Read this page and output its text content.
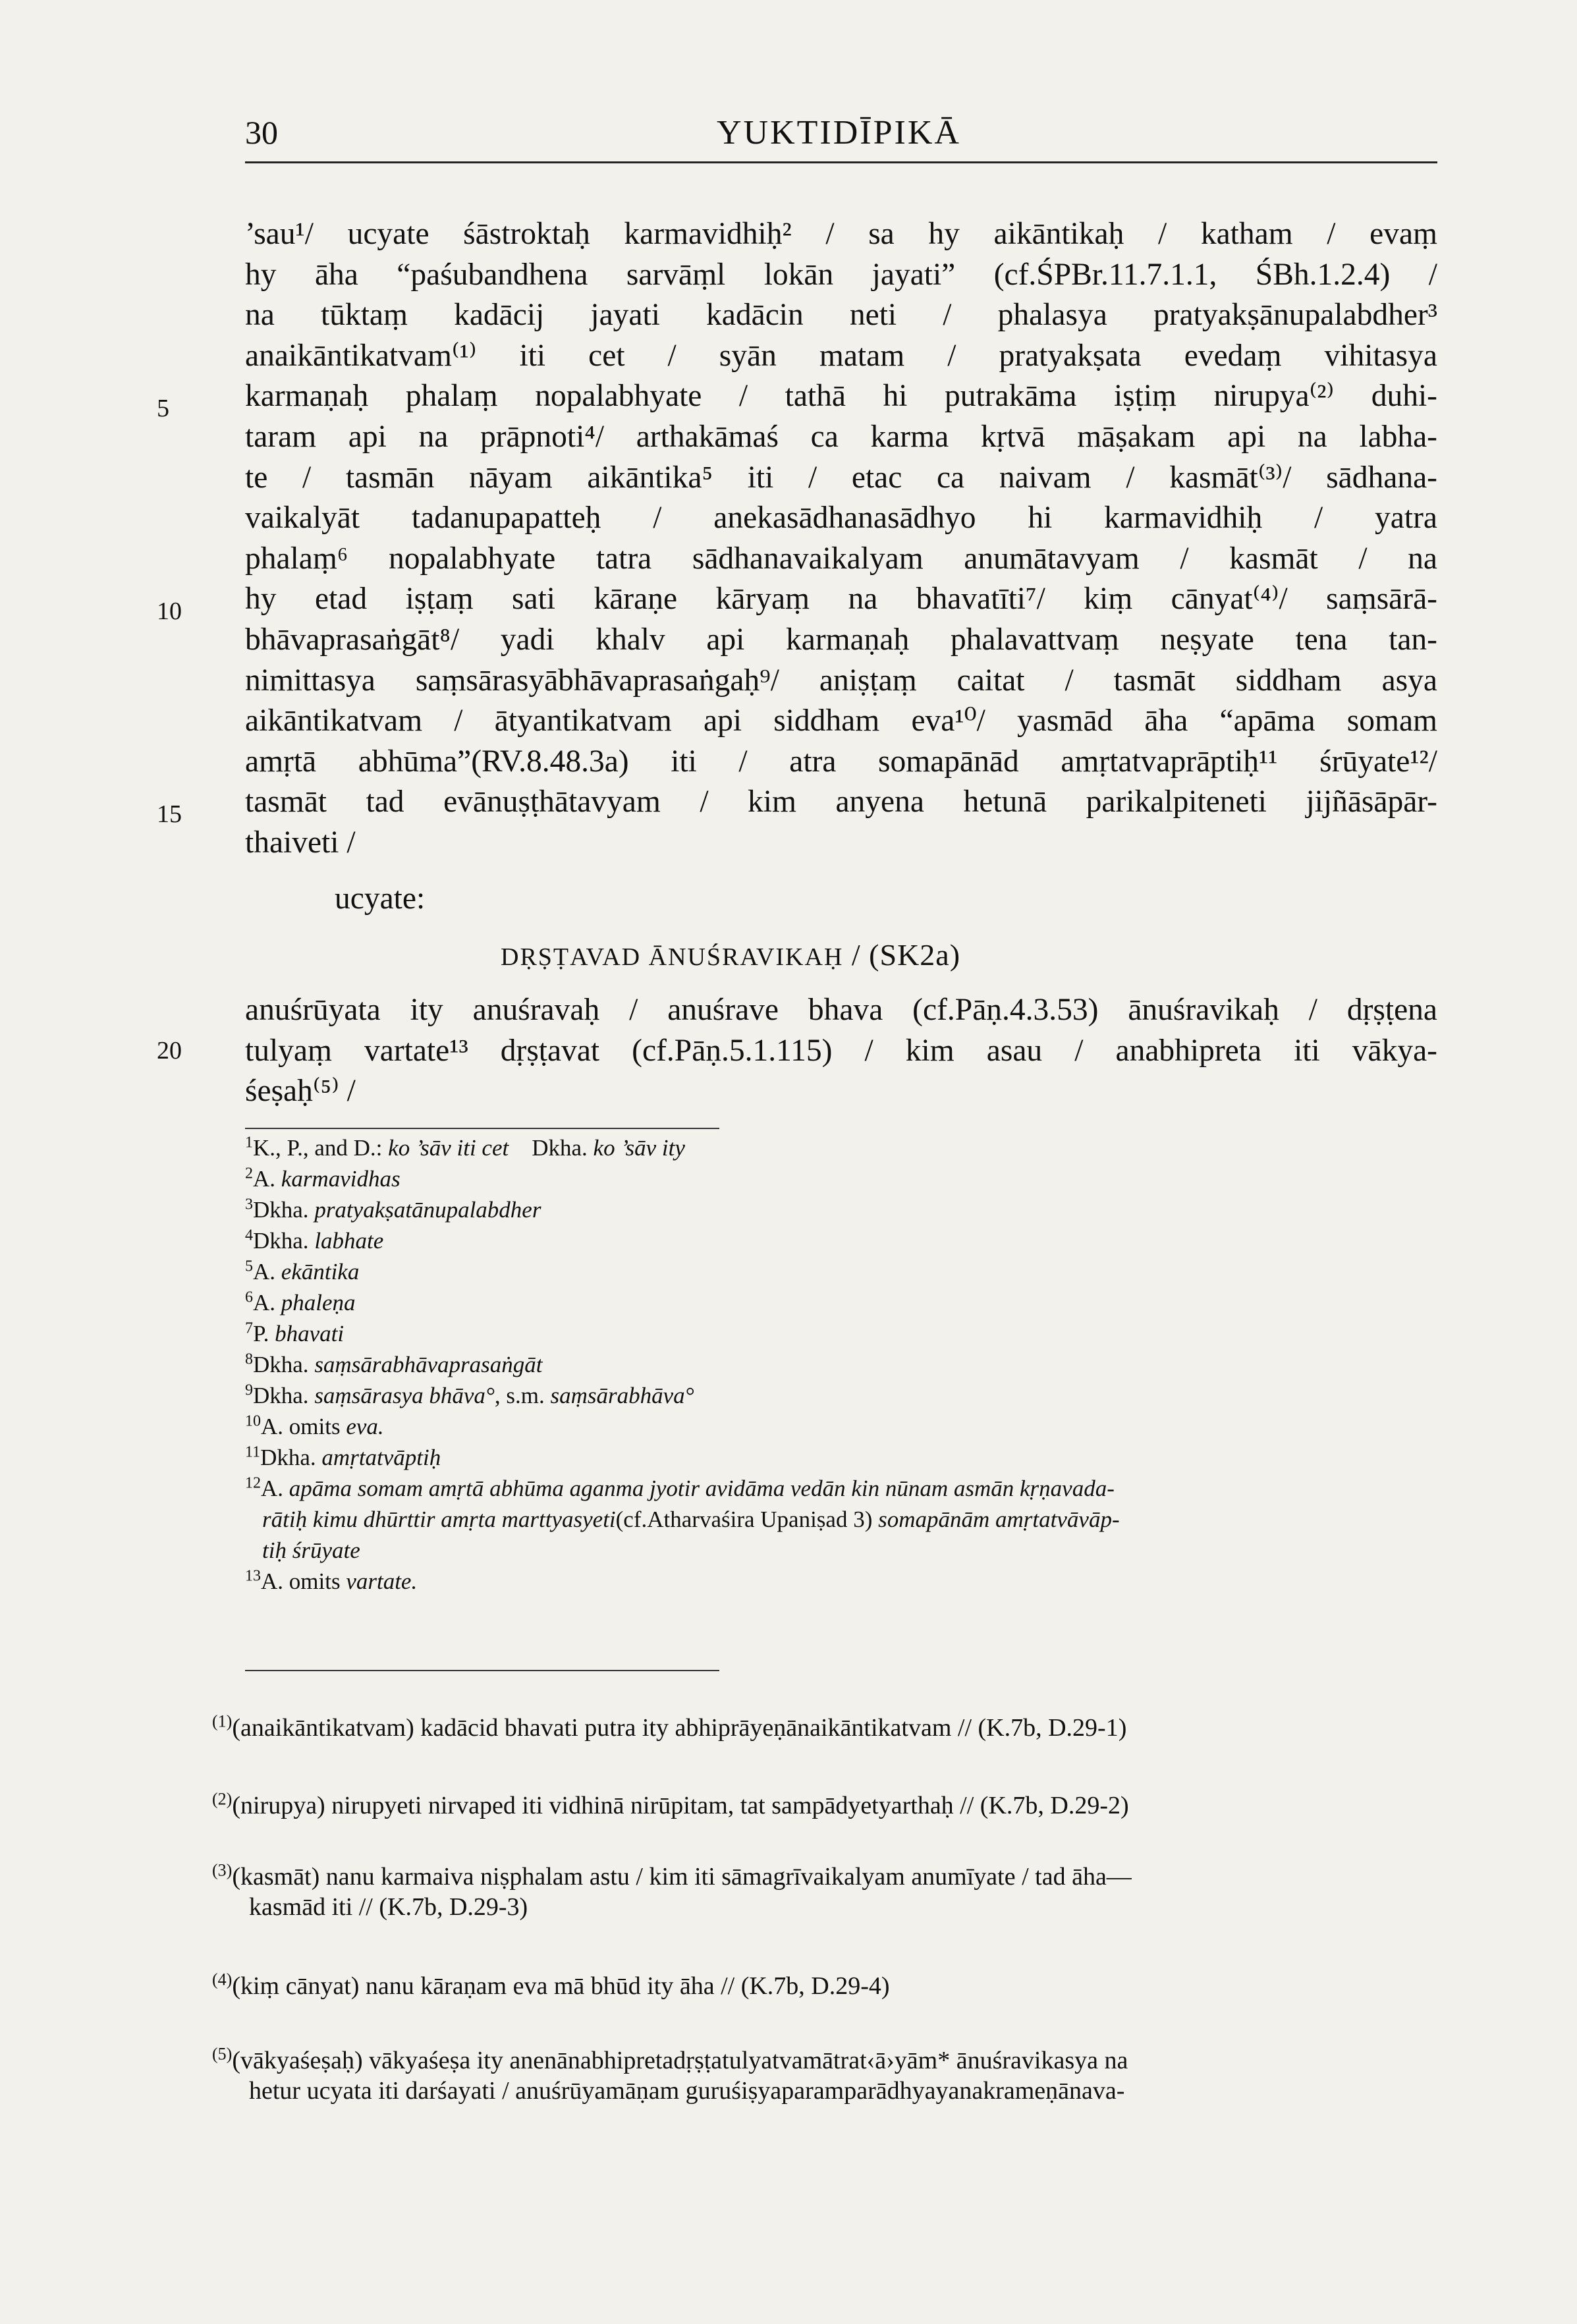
30	YUKTIDĪPIKĀ
’sau¹/ ucyate śāstroktaḥ karmavidhiḥ² / sa hy aikāntikaḥ / katham / evaṃ
hy āha “paśubandhena sarvāṃl lokān jayati” (cf.ŚPBr.11.7.1.1, ŚBh.1.2.4) /
na tūktaṃ kadācij jayati kadācin neti / phalasya pratyakṣānupalabdher³
anaikāntikatvam⁽¹⁾ iti cet / syān matam / pratyakṣata evedaṃ vihitasya
karmaṇaḥ phalaṃ nopalabhyate / tathā hi putrakāma iṣṭiṃ nirupya⁽²⁾ duhi-
taram api na prāpnoti⁴/ arthakāmaś ca karma kṛtvā māṣakam api na labha-
te / tasmān nāyam aikāntika⁵ iti / etac ca naivam / kasmāt⁽³⁾/ sādhana-
vaikalyāt tadanupapatteḥ / anekasādhanasādhyo hi karmavidhiḥ / yatra
phalaṃ⁶ nopalabhyate tatra sādhanavaikalyam anumātavyam / kasmāt / na
hy etad iṣṭaṃ sati kāraṇe kāryaṃ na bhavatīti⁷/ kiṃ cānyat⁽⁴⁾/ saṃsārā-
bhāvaprasaṅgāt⁸/ yadi khalv api karmaṇaḥ phalavattvaṃ neṣyate tena tan-
nimittasya saṃsārasyābhāvaprasaṅgaḥ⁹/ aniṣṭaṃ caitat / tasmāt siddham asya
aikāntikatvam / ātyantikatvam api siddham eva¹⁰/ yasmād āha “apāma somam
amṛtā abhūma”(RV.8.48.3a) iti / atra somapānād amṛtatvaprāptiḥ¹¹ śrūyate¹²/
tasmāt tad evānuṣṭhātavyam / kim anyena hetunā parikalpiteneti jijñāsāpār-
thaiveti /
5
10
15
20
ucyate:
DṚṢṬAVAD ĀNUŚRAVIKAḤ / (SK2a)
anuśrūyata ity anuśravaḥ / anuśrave bhava (cf.Pāṇ.4.3.53) ānuśravikaḥ / dṛṣṭena
tulyaṃ vartate¹³ dṛṣṭavat (cf.Pāṇ.5.1.115) / kim asau / anabhipreta iti vākya-
śeṣaḥ⁽⁵⁾ /
$^1$K., P., and D.: ko ’sāv iti cet    Dkha. ko ’sāv ity
$^2$A. karmavidhas
$^3$Dkha. pratyakṣatānupalabdher
$^4$Dkha. labhate
$^5$A. ekāntika
$^6$A. phaleṇa
$^7$P. bhavati
$^8$Dkha. saṃsārabhāvaprasaṅgāt
$^9$Dkha. saṃsārasya bhāva°, s.m. saṃsārabhāva°
$^{10}$A. omits eva.
$^{11}$Dkha. amṛtatvāptiḥ
$^{12}$A. apāma somam amṛtā abhūma aganma jyotir avidāma vedān kin nūnam asmān kṛṇavada-
rātiḥ kimu dhūrttir amṛta marttyasyeti(cf.Atharvaśira Upaniṣad 3) somapānām amṛtatvāvāp-
tiḥ śrūyate
$^{13}$A. omits vartate.
$^{(1)}$(anaikāntikatvam) kadācid bhavati putra ity abhiprāyeṇānaikāntikatvam // (K.7b, D.29-1)
$^{(2)}$(nirupya) nirupyeti nirvaped iti vidhinā nirūpitam, tat sampādyetyarthaḥ // (K.7b, D.29-2)
$^{(3)}$(kasmāt) nanu karmaiva niṣphalam astu / kim iti sāmagrīvaikalyam anumīyate / tad āha—
kasmād iti // (K.7b, D.29-3)
$^{(4)}$(kiṃ cānyat) nanu kāraṇam eva mā bhūd ity āha // (K.7b, D.29-4)
$^{(5)}$(vākyaśeṣaḥ) vākyaśeṣa ity anenānabhipretadṛṣṭatulyatvamātrat‹ā›yām* ānuśravikasya na
hetur ucyata iti darśayati / anuśrūyamāṇam guruśiṣyaparamparādhyayanakrameṇānava-
